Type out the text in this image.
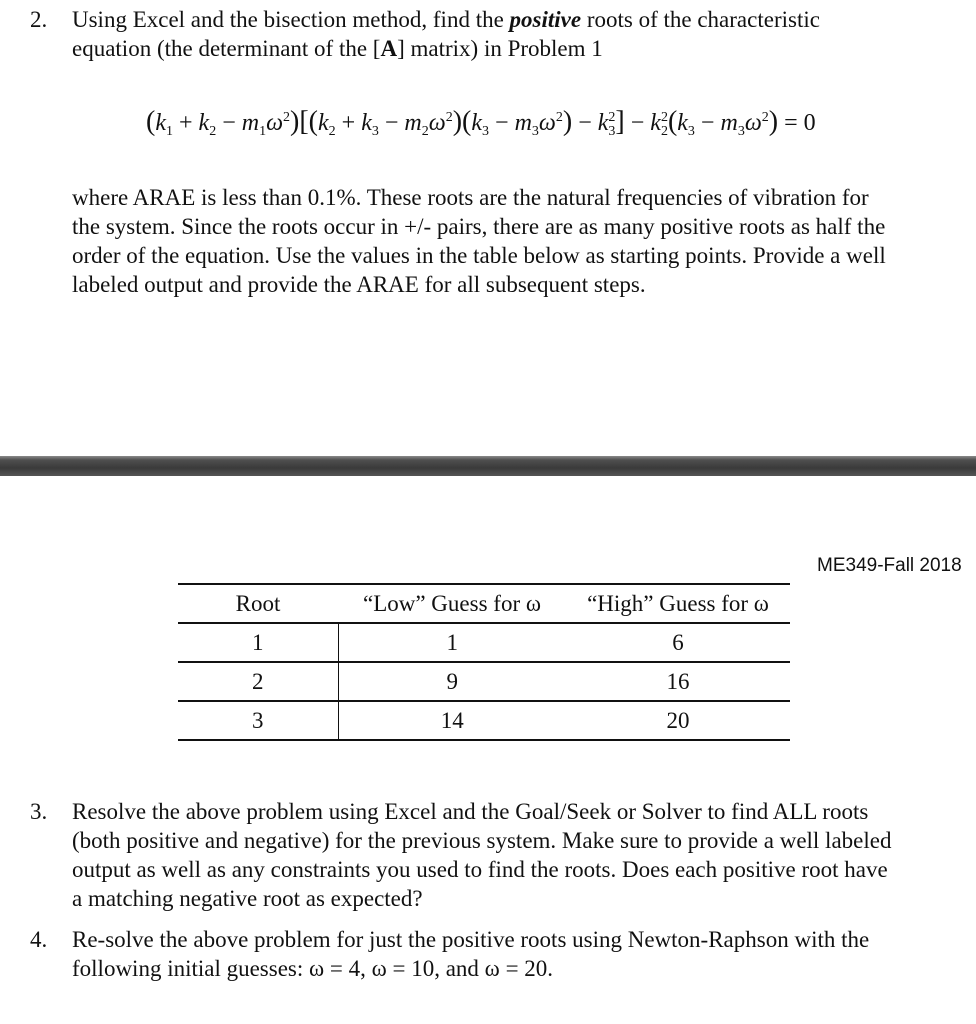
2. Using Excel and the bisection method, find the positive roots of the characteristic
equation (the determinant of the [A] matrix) in Problem 1
$(k_1 + k_2 - m_1\omega^2)[(k_2 + k_3 - m_2\omega^2)(k_3 - m_3\omega^2) - k_3^2] - k_2^2(k_3 - m_3\omega^2) = 0$
where ARAE is less than 0.1%. These roots are the natural frequencies of vibration for
the system. Since the roots occur in +/- pairs, there are as many positive roots as half the
order of the equation. Use the values in the table below as starting points. Provide a well
labeled output and provide the ARAE for all subsequent steps.
ME349-Fall 2018
Root	“Low” Guess for ω	“High” Guess for ω
1	1	6
2	9	16
3	14	20
3. Resolve the above problem using Excel and the Goal/Seek or Solver to find ALL roots
(both positive and negative) for the previous system. Make sure to provide a well labeled
output as well as any constraints you used to find the roots. Does each positive root have
a matching negative root as expected?
4. Re-solve the above problem for just the positive roots using Newton-Raphson with the
following initial guesses: ω = 4, ω = 10, and ω = 20.
